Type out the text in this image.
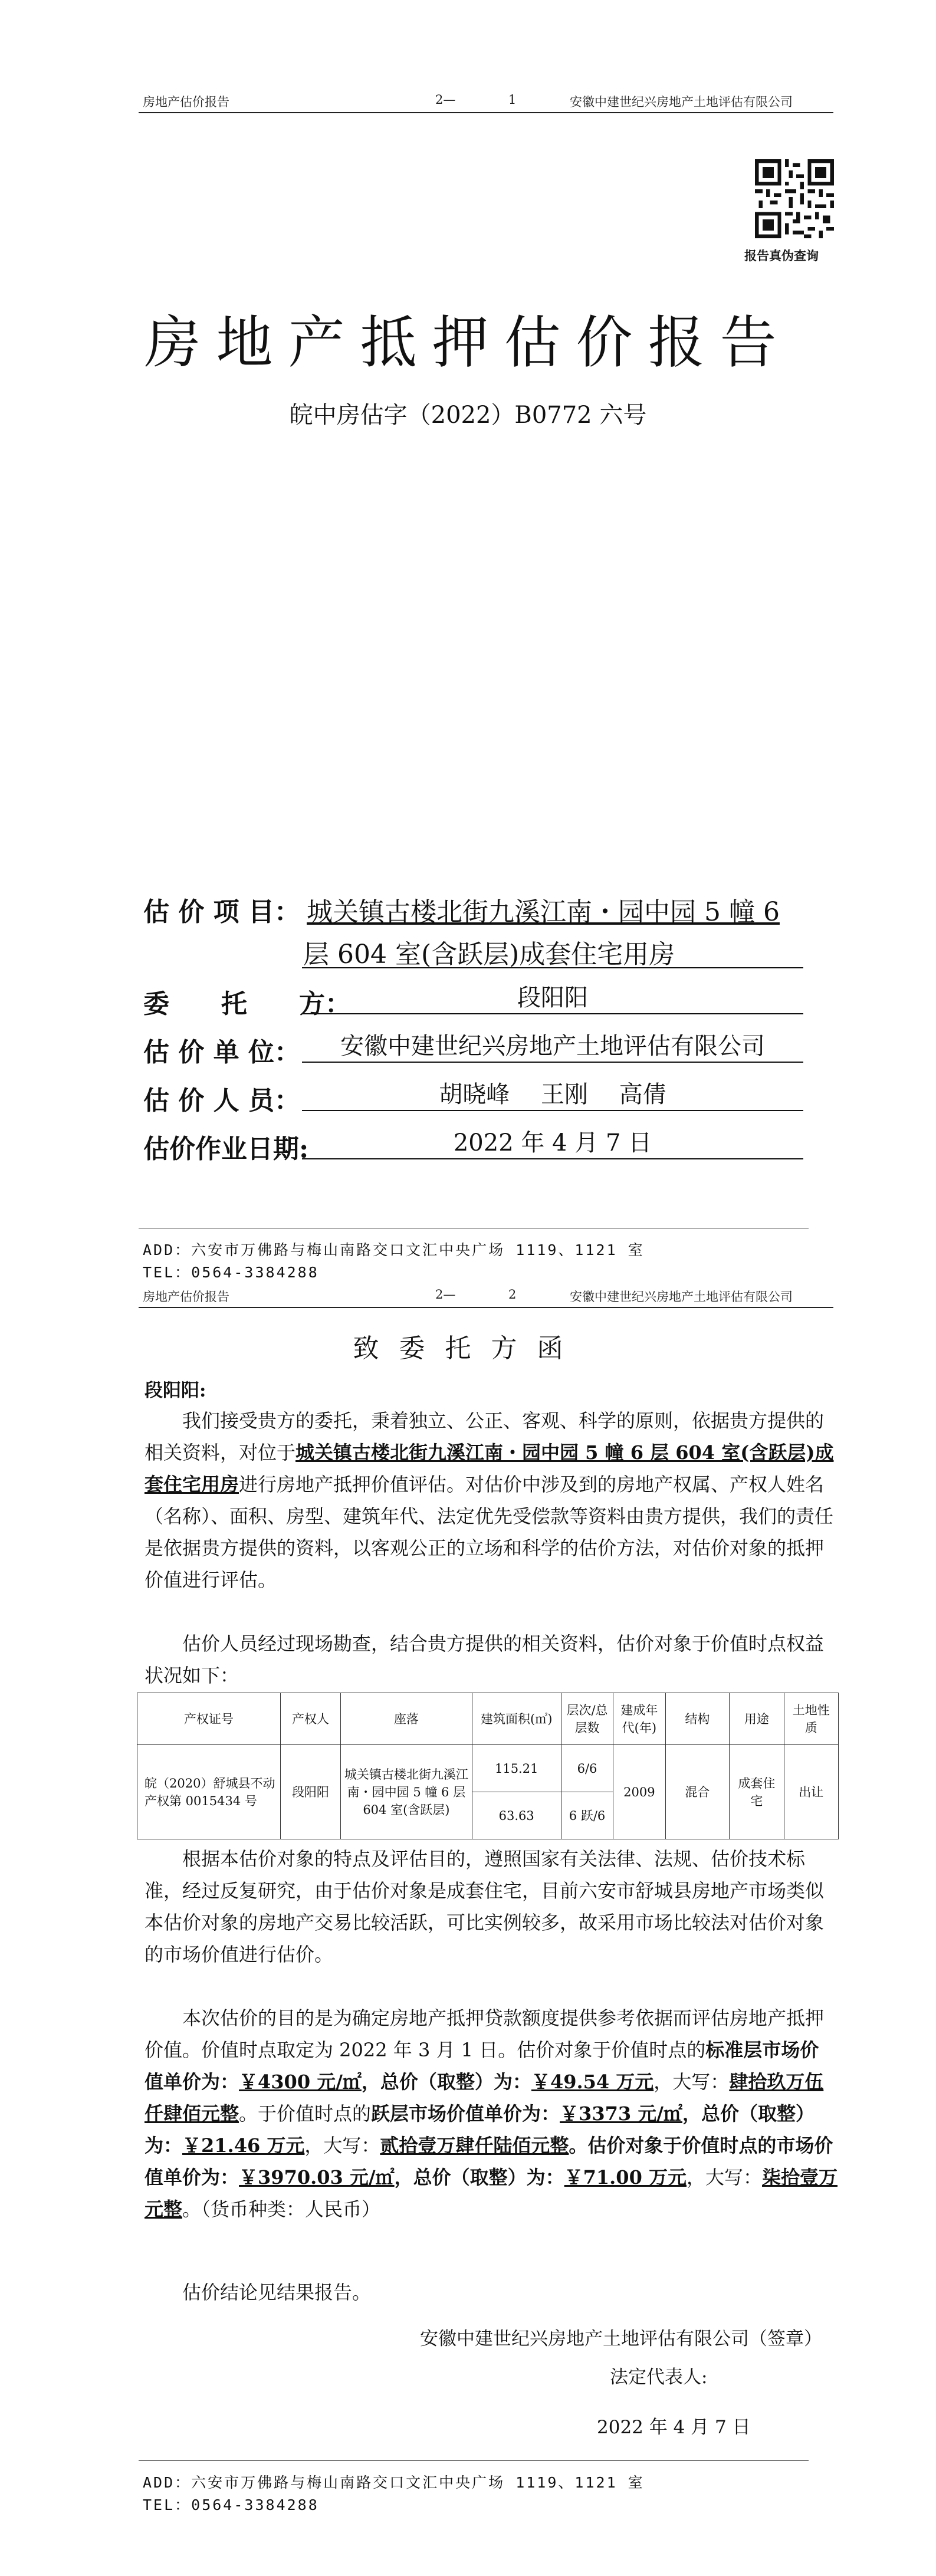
房地产估价报告	2—	1	安徽中建世纪兴房地产土地评估有限公司
报告真伪查询
房地产抵押估价报告
皖中房估字（2022）B0772 六号
估 价 项 目： 城关镇古楼北街九溪江南・园中园 5 幢 6
层 604 室(含跃层)成套住宅用房
委　　托　　方：	段阳阳
估 价 单 位：	安徽中建世纪兴房地产土地评估有限公司
估 价 人 员：	胡晓峰　 王刚　 高倩
估价作业日期:	2022 年 4 月 7 日
ADD：六安市万佛路与梅山南路交口文汇中央广场 1119、1121 室
TEL：0564-3384288
房地产估价报告	2—	2	安徽中建世纪兴房地产土地评估有限公司
致委托方函
段阳阳:
我们接受贵方的委托，秉着独立、公正、客观、科学的原则，依据贵方提供的相关资料，对位于城关镇古楼北街九溪江南・园中园 5 幢 6 层 604 室(含跃层)成套住宅用房进行房地产抵押价值评估。对估价中涉及到的房地产权属、产权人姓名（名称）、面积、房型、建筑年代、法定优先受偿款等资料由贵方提供，我们的责任是依据贵方提供的资料，以客观公正的立场和科学的估价方法，对估价对象的抵押价值进行评估。
估价人员经过现场勘查，结合贵方提供的相关资料，估价对象于价值时点权益状况如下：
产权证号	产权人	座落	建筑面积(㎡)	层次/总层数	建成年代(年)	结构	用途	土地性质
皖（2020）舒城县不动产权第 0015434 号	段阳阳	城关镇古楼北街九溪江南・园中园 5 幢 6 层 604 室(含跃层)	115.21	6/6	2009	混合	成套住宅	出让
			63.63	6 跃/6				
根据本估价对象的特点及评估目的，遵照国家有关法律、法规、估价技术标准，经过反复研究，由于估价对象是成套住宅，目前六安市舒城县房地产市场类似本估价对象的房地产交易比较活跃，可比实例较多，故采用市场比较法对估价对象的市场价值进行估价。
本次估价的目的是为确定房地产抵押贷款额度提供参考依据而评估房地产抵押价值。价值时点取定为 2022 年 3 月 1 日。估价对象于价值时点的标准层市场价值单价为：￥4300 元/㎡，总价（取整）为：￥49.54 万元，大写：肆拾玖万伍仟肆佰元整。于价值时点的跃层市场价值单价为：￥3373 元/㎡，总价（取整）为：￥21.46 万元，大写：贰拾壹万肆仟陆佰元整。估价对象于价值时点的市场价值单价为：￥3970.03 元/㎡，总价（取整）为：￥71.00 万元，大写：柒拾壹万元整。（货币种类：人民币）
估价结论见结果报告。
安徽中建世纪兴房地产土地评估有限公司（签章）
法定代表人:
2022 年 4 月 7 日
ADD：六安市万佛路与梅山南路交口文汇中央广场 1119、1121 室
TEL：0564-3384288
